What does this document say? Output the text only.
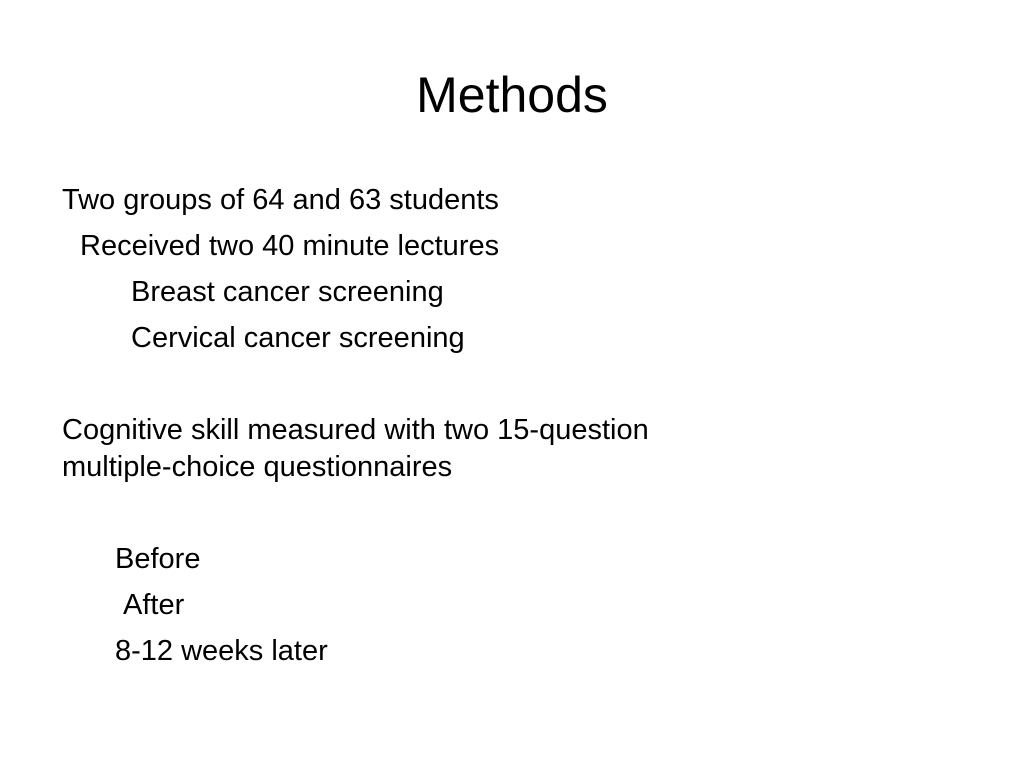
Methods

Two groups of 64 and 63 students

Received two 40 minute lectures

Breast cancer screening

Cervical cancer screening

Cognitive skill measured with two 15-question

multiple-choice questionnaires

Before

After

8-12 weeks later
